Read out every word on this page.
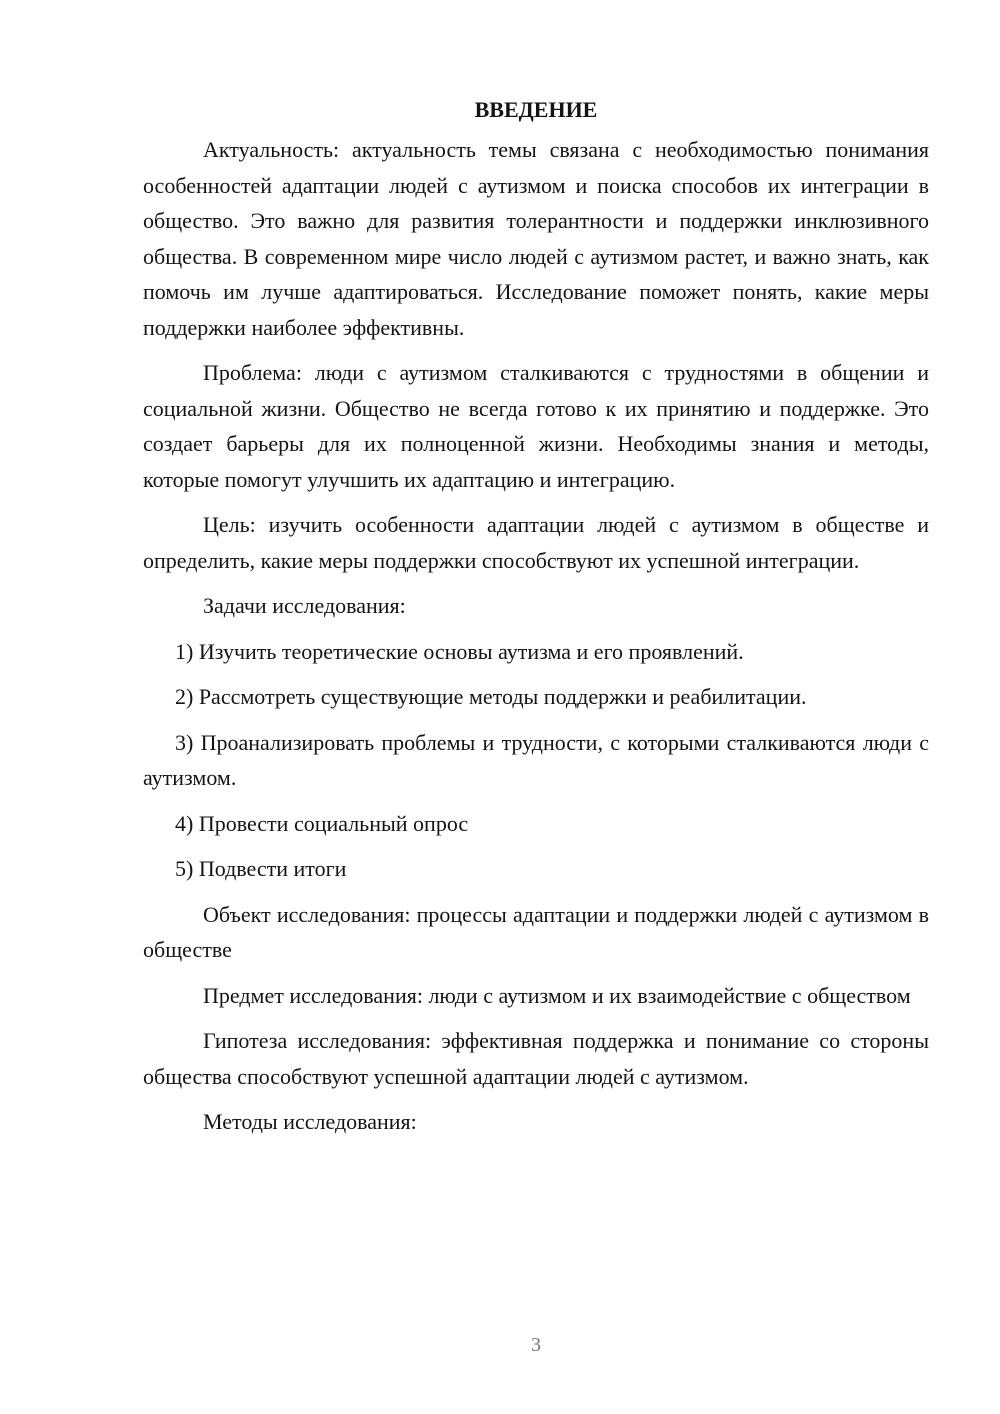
ВВЕДЕНИЕ

Актуальность: актуальность темы связана с необходимостью понимания особенностей адаптации людей с аутизмом и поиска способов их интеграции в общество. Это важно для развития толерантности и поддержки инклюзивного общества. В современном мире число людей с аутизмом растет, и важно знать, как помочь им лучше адаптироваться. Исследование поможет понять, какие меры поддержки наиболее эффективны.

Проблема: люди с аутизмом сталкиваются с трудностями в общении и социальной жизни. Общество не всегда готово к их принятию и поддержке. Это создает барьеры для их полноценной жизни. Необходимы знания и методы, которые помогут улучшить их адаптацию и интеграцию.

Цель: изучить особенности адаптации людей с аутизмом в обществе и определить, какие меры поддержки способствуют их успешной интеграции.

Задачи исследования:

1) Изучить теоретические основы аутизма и его проявлений.

2) Рассмотреть существующие методы поддержки и реабилитации.

3) Проанализировать проблемы и трудности, с которыми сталкиваются люди с аутизмом.

4) Провести социальный опрос

5) Подвести итоги

Объект исследования: процессы адаптации и поддержки людей с аутизмом в обществе

Предмет исследования: люди с аутизмом и их взаимодействие с обществом

Гипотеза исследования: эффективная поддержка и понимание со стороны общества способствуют успешной адаптации людей с аутизмом.

Методы исследования:

3
